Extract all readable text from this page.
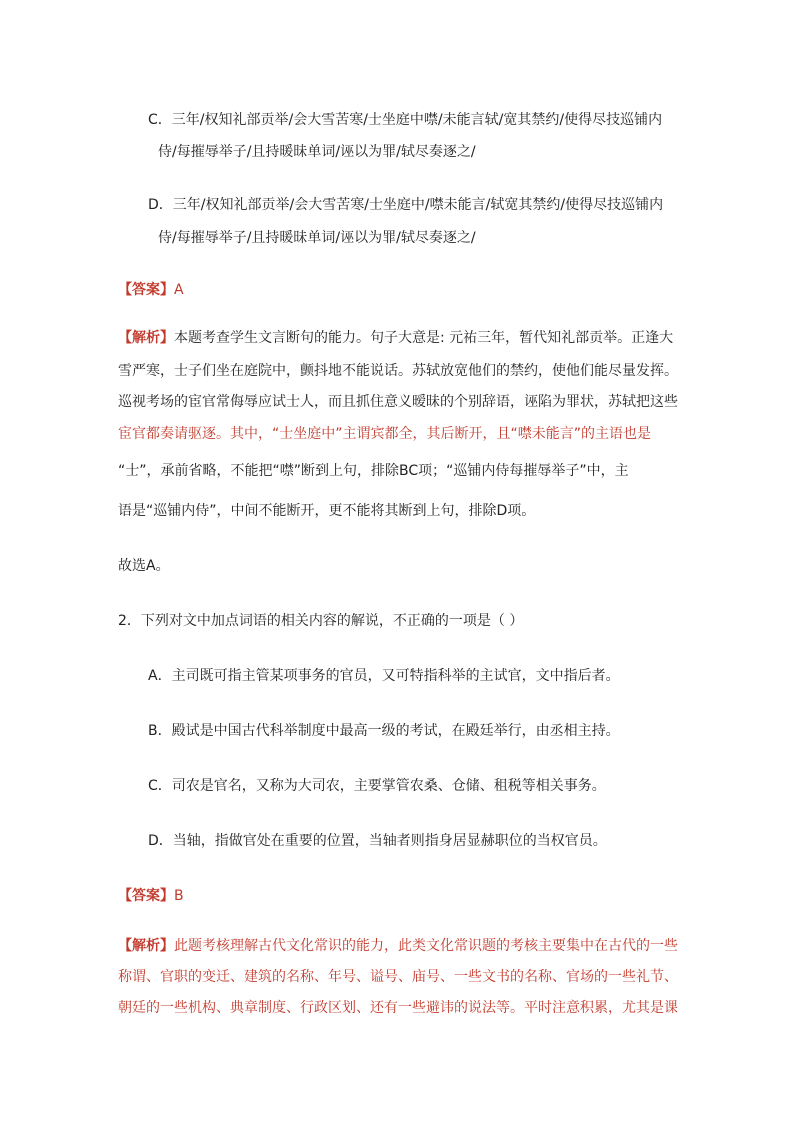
C．三年/权知礼部贡举/会大雪苦寒/士坐庭中噤/未能言轼/宽其禁约/使得尽技巡铺内
侍/每摧辱举子/且持暖昧单词/诬以为罪/轼尽奏逐之/
D．三年/权知礼部贡举/会大雪苦寒/士坐庭中/噤未能言/轼宽其禁约/使得尽技巡铺内
侍/每摧辱举子/且持暖昧单词/诬以为罪/轼尽奏逐之/
【答案】A
【解析】本题考查学生文言断句的能力。句子大意是: 元祐三年，暂代知礼部贡举。正逢大
雪严寒，士子们坐在庭院中，颤抖地不能说话。苏轼放宽他们的禁约，使他们能尽量发挥。
巡视考场的宦官常侮辱应试士人，而且抓住意义暧昧的个别辞语，诬陷为罪状，苏轼把这些
宦官都奏请驱逐。其中，“士坐庭中”主谓宾都全，其后断开，且“噤未能言”的主语也是
“士”，承前省略，不能把“噤”断到上句，排除BC项；“巡铺内侍每摧辱举子”中，主
语是“巡铺内侍”，中间不能断开，更不能将其断到上句，排除D项。
故选A。
2．下列对文中加点词语的相关内容的解说，不正确的一项是（ ）
A．主司既可指主管某项事务的官员，又可特指科举的主试官，文中指后者。
B．殿试是中国古代科举制度中最高一级的考试，在殿廷举行，由丞相主持。
C．司农是官名，又称为大司农，主要掌管农桑、仓储、租税等相关事务。
D．当轴，指做官处在重要的位置，当轴者则指身居显赫职位的当权官员。
【答案】B
【解析】此题考核理解古代文化常识的能力，此类文化常识题的考核主要集中在古代的一些
称谓、官职的变迁、建筑的名称、年号、谥号、庙号、一些文书的名称、官场的一些礼节、
朝廷的一些机构、典章制度、行政区划、还有一些避讳的说法等。平时注意积累，尤其是课
